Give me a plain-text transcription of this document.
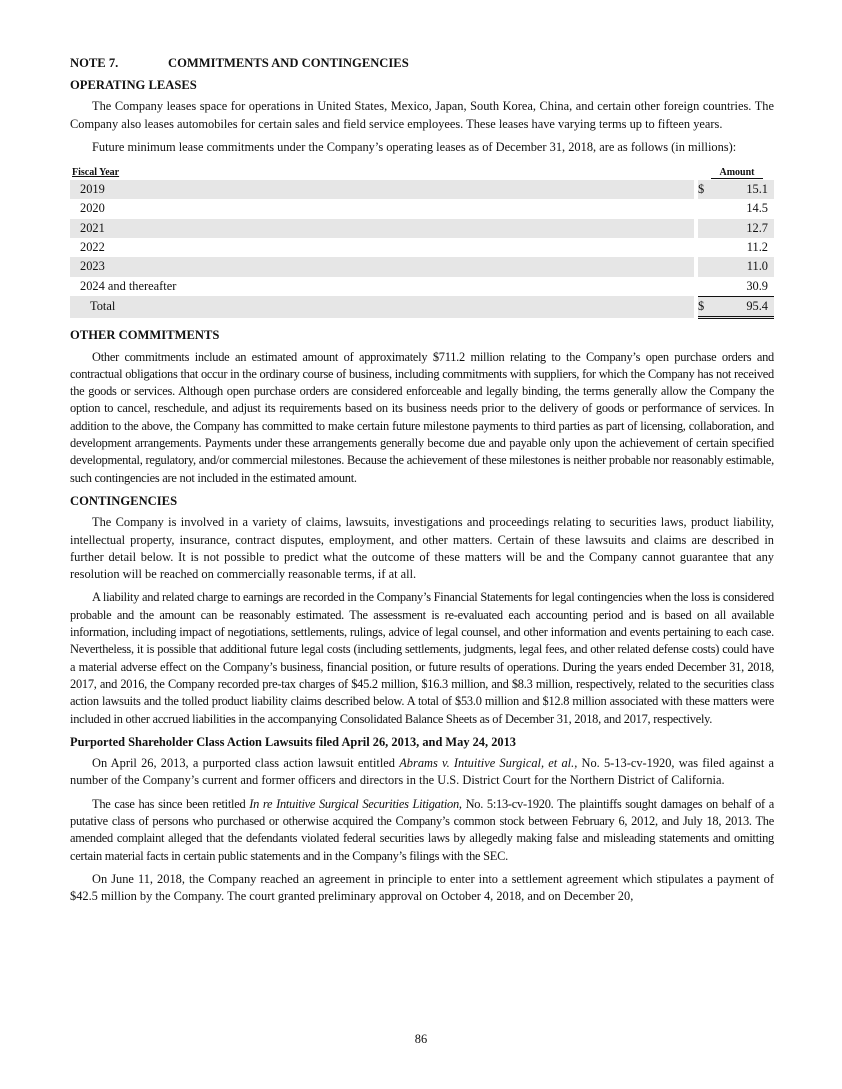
NOTE 7.	COMMITMENTS AND CONTINGENCIES
OPERATING LEASES

The Company leases space for operations in United States, Mexico, Japan, South Korea, China, and certain other foreign countries. The Company also leases automobiles for certain sales and field service employees. These leases have varying terms up to fifteen years.

Future minimum lease commitments under the Company’s operating leases as of December 31, 2018, are as follows (in millions):

Fiscal Year		Amount	
2019		$	15.1
2020			14.5
2021			12.7
2022			11.2
2023			11.0
2024 and thereafter			30.9
Total		$	95.4
OTHER COMMITMENTS

Other commitments include an estimated amount of approximately $711.2 million relating to the Company’s open purchase orders and contractual obligations that occur in the ordinary course of business, including commitments with suppliers, for which the Company has not received the goods or services. Although open purchase orders are considered enforceable and legally binding, the terms generally allow the Company the option to cancel, reschedule, and adjust its requirements based on its business needs prior to the delivery of goods or performance of services. In addition to the above, the Company has committed to make certain future milestone payments to third parties as part of licensing, collaboration, and development arrangements. Payments under these arrangements generally become due and payable only upon the achievement of certain specified developmental, regulatory, and/or commercial milestones. Because the achievement of these milestones is neither probable nor reasonably estimable, such contingencies are not included in the estimated amount.

CONTINGENCIES

The Company is involved in a variety of claims, lawsuits, investigations and proceedings relating to securities laws, product liability, intellectual property, insurance, contract disputes, employment, and other matters. Certain of these lawsuits and claims are described in further detail below. It is not possible to predict what the outcome of these matters will be and the Company cannot guarantee that any resolution will be reached on commercially reasonable terms, if at all.

A liability and related charge to earnings are recorded in the Company’s Financial Statements for legal contingencies when the loss is considered probable and the amount can be reasonably estimated. The assessment is re-evaluated each accounting period and is based on all available information, including impact of negotiations, settlements, rulings, advice of legal counsel, and other information and events pertaining to each case. Nevertheless, it is possible that additional future legal costs (including settlements, judgments, legal fees, and other related defense costs) could have a material adverse effect on the Company’s business, financial position, or future results of operations. During the years ended December 31, 2018, 2017, and 2016, the Company recorded pre-tax charges of $45.2 million, $16.3 million, and $8.3 million, respectively, related to the securities class action lawsuits and the tolled product liability claims described below. A total of $53.0 million and $12.8 million associated with these matters were included in other accrued liabilities in the accompanying Consolidated Balance Sheets as of December 31, 2018, and 2017, respectively.

Purported Shareholder Class Action Lawsuits filed April 26, 2013, and May 24, 2013

On April 26, 2013, a purported class action lawsuit entitled Abrams v. Intuitive Surgical, et al., No. 5-13-cv-1920, was filed against a number of the Company’s current and former officers and directors in the U.S. District Court for the Northern District of California.

The case has since been retitled In re Intuitive Surgical Securities Litigation, No. 5:13-cv-1920. The plaintiffs sought damages on behalf of a putative class of persons who purchased or otherwise acquired the Company’s common stock between February 6, 2012, and July 18, 2013. The amended complaint alleged that the defendants violated federal securities laws by allegedly making false and misleading statements and omitting certain material facts in certain public statements and in the Company’s filings with the SEC.

On June 11, 2018, the Company reached an agreement in principle to enter into a settlement agreement which stipulates a payment of $42.5 million by the Company. The court granted preliminary approval on October 4, 2018, and on December 20,

86
